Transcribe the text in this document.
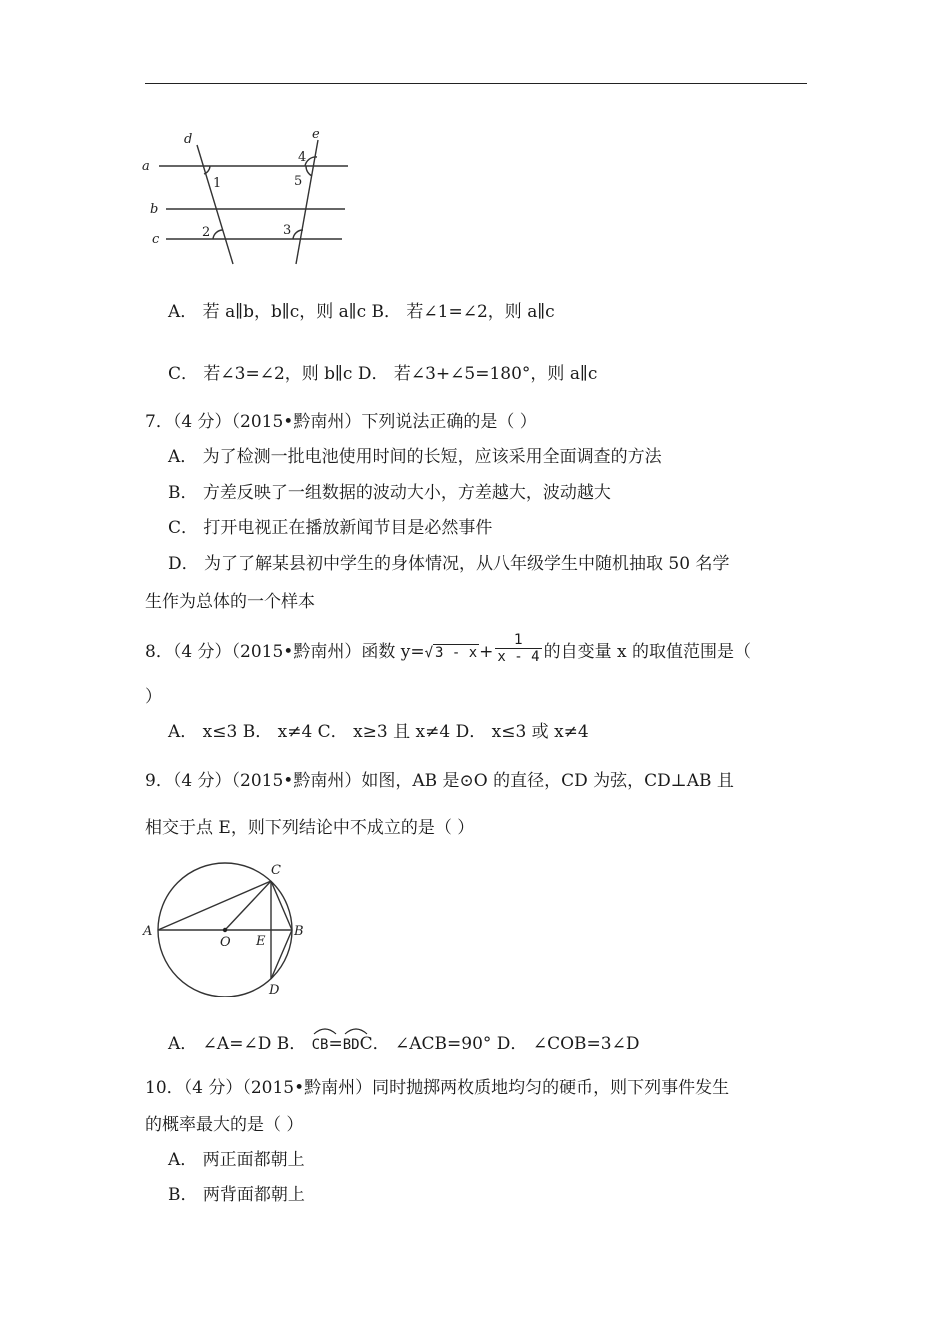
a
b
c
d	e
1
2	3
4
5
A． 若 a∥b，b∥c，则 a∥c B． 若∠1=∠2，则 a∥c
C． 若∠3=∠2，则 b∥c D． 若∠3+∠5=180°，则 a∥c
7．（4 分）（2015•黔南州）下列说法正确的是（ ）
A． 为了检测一批电池使用时间的长短，应该采用全面调查的方法
B． 方差反映了一组数据的波动大小，方差越大，波动越大
C． 打开电视正在播放新闻节目是必然事件
D． 为了了解某县初中学生的身体情况，从八年级学生中随机抽取 50 名学
生作为总体的一个样本
8．（4 分）（2015•黔南州）函数 y=√ $3 - x + \frac{1}{x - 4}$ 的自变量 x 的取值范围是（
）
A． x≤3 B． x≠4 C． x≥3 且 x≠4 D． x≤3 或 x≠4
9．（4 分）（2015•黔南州）如图，AB 是⊙O 的直径，CD 为弦，CD⊥AB 且
相交于点 E，则下列结论中不成立的是（ ）
A	B
C
D
E
O
A． ∠A=∠D B．
CB=
BDC． ∠ACB=90° D． ∠COB=3∠D
10．（4 分）（2015•黔南州）同时抛掷两枚质地均匀的硬币，则下列事件发生
的概率最大的是（ ）
A． 两正面都朝上
B． 两背面都朝上
